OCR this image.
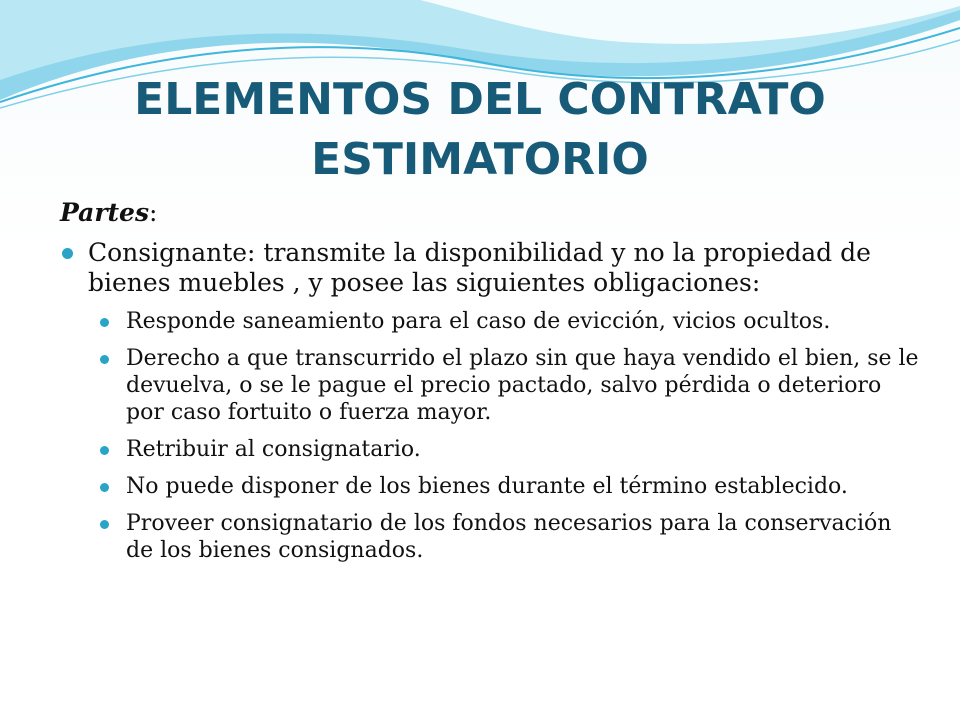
ELEMENTOS DEL CONTRATO
ESTIMATORIO

Partes:

Consignante: transmite la disponibilidad y no la propiedad de bienes muebles , y posee las siguientes obligaciones:
Responde saneamiento para el caso de evicción, vicios ocultos.
Derecho a que transcurrido el plazo sin que haya vendido el bien, se le devuelva, o se le pague el precio pactado, salvo pérdida o deterioro por caso fortuito o fuerza mayor.
Retribuir al consignatario.
No puede disponer de los bienes durante el término establecido.
Proveer consignatario de los fondos necesarios para la conservación de los bienes consignados.
